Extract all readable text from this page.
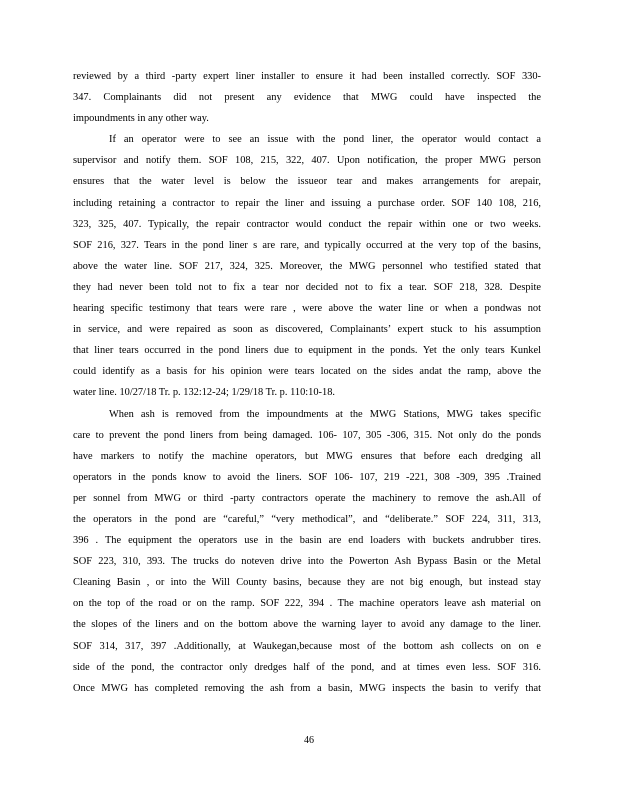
reviewed by a third -party expert liner installer to ensure it had been installed correctly. SOF 330-
347. Complainants did not present any evidence that MWG could have inspected the
impoundments in any other way.
If an operator were to see an issue with the pond liner, the operator would contact a
supervisor and notify them. SOF 108, 215, 322, 407. Upon notification, the proper MWG person
ensures that the water level is below the issueor tear and makes arrangements for arepair,
including retaining a contractor to repair the liner and issuing a purchase order. SOF 140 108, 216,
323, 325, 407. Typically, the repair contractor would conduct the repair within one or two weeks.
SOF 216, 327. Tears in the pond liner s are rare, and typically occurred at the very top of the basins,
above the water line. SOF 217, 324, 325. Moreover, the MWG personnel who testified stated that
they had never been told not to fix a tear nor decided not to fix a tear. SOF 218, 328. Despite
hearing specific testimony that tears were rare , were above the water line or when a pondwas not
in service, and were repaired as soon as discovered, Complainants’ expert stuck to his assumption
that liner tears occurred in the pond liners due to equipment in the ponds. Yet the only tears Kunkel
could identify as a basis for his opinion were tears located on the sides andat the ramp, above the
water line. 10/27/18 Tr. p. 132:12-24; 1/29/18 Tr. p. 110:10-18.
When ash is removed from the impoundments at the MWG Stations, MWG takes specific
care to prevent the pond liners from being damaged. 106- 107, 305 -306, 315. Not only do the ponds
have markers to notify the machine operators, but MWG ensures that before each dredging all
operators in the ponds know to avoid the liners. SOF 106- 107, 219 -221, 308 -309, 395 .Trained
per sonnel from MWG or third -party contractors operate the machinery to remove the ash.All of
the operators in the pond are “careful,” “very methodical”, and “deliberate.” SOF 224, 311, 313,
396 . The equipment the operators use in the basin are end loaders with buckets andrubber tires.
SOF 223, 310, 393. The trucks do noteven drive into the Powerton Ash Bypass Basin or the Metal
Cleaning Basin , or into the Will County basins, because they are not big enough, but instead stay
on the top of the road or on the ramp. SOF 222, 394 . The machine operators leave ash material on
the slopes of the liners and on the bottom above the warning layer to avoid any damage to the liner.
SOF 314, 317, 397 .Additionally, at Waukegan,because most of the bottom ash collects on on e
side of the pond, the contractor only dredges half of the pond, and at times even less. SOF 316.
Once MWG has completed removing the ash from a basin, MWG inspects the basin to verify that
46
